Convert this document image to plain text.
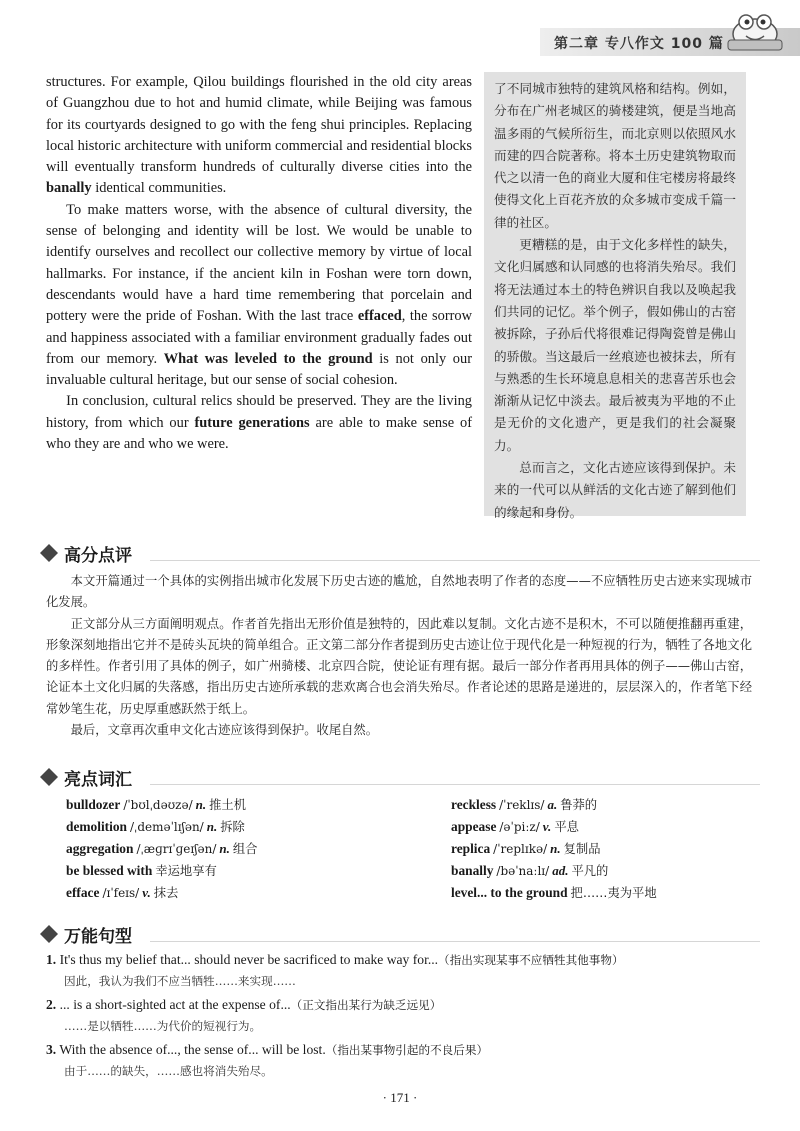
第二章 专八作文 100 篇

structures. For example, Qilou buildings flourished in the old city areas of Guangzhou due to hot and humid climate, while Beijing was famous for its courtyards designed to go with the feng shui principles. Replacing local historic architecture with uniform commercial and residential blocks will eventually transform hundreds of culturally diverse cities into the banally identical communities.

To make matters worse, with the absence of cultural diversity, the sense of belonging and identity will be lost. We would be unable to identify ourselves and recollect our collective memory by virtue of local hallmarks. For instance, if the ancient kiln in Foshan were torn down, descendants would have a hard time remembering that porcelain and pottery were the pride of Foshan. With the last trace effaced, the sorrow and happiness associated with a familiar environment gradually fades out from our memory. What was leveled to the ground is not only our invaluable cultural heritage, but our sense of social cohesion.

In conclusion, cultural relics should be preserved. They are the living history, from which our future generations are able to make sense of who they are and who we were.

了不同城市独特的建筑风格和结构。例如，分布在广州老城区的骑楼建筑，便是当地高温多雨的气候所衍生，而北京则以依照风水而建的四合院著称。将本土历史建筑物取而代之以清一色的商业大厦和住宅楼房将最终使得文化上百花齐放的众多城市变成千篇一律的社区。

更糟糕的是，由于文化多样性的缺失，文化归属感和认同感的也将消失殆尽。我们将无法通过本土的特色辨识自我以及唤起我们共同的记忆。举个例子，假如佛山的古窑被拆除，子孙后代将很难记得陶瓷曾是佛山的骄傲。当这最后一丝痕迹也被抹去，所有与熟悉的生长环境息息相关的悲喜苦乐也会渐渐从记忆中淡去。最后被夷为平地的不止是无价的文化遗产，更是我们的社会凝聚力。

总而言之，文化古迹应该得到保护。未来的一代可以从鲜活的文化古迹了解到他们的缘起和身份。

高分点评

本文开篇通过一个具体的实例指出城市化发展下历史古迹的尴尬，自然地表明了作者的态度——不应牺牲历史古迹来实现城市化发展。

正文部分从三方面阐明观点。作者首先指出无形价值是独特的，因此难以复制。文化古迹不是积木，不可以随便推翻再重建，形象深刻地指出它并不是砖头瓦块的简单组合。正文第二部分作者提到历史古迹让位于现代化是一种短视的行为，牺牲了各地文化的多样性。作者引用了具体的例子，如广州骑楼、北京四合院，使论证有理有据。最后一部分作者再用具体的例子——佛山古窑，论证本土文化归属的失落感，指出历史古迹所承载的悲欢离合也会消失殆尽。作者论述的思路是递进的，层层深入的，作者笔下经常妙笔生花，历史厚重感跃然于纸上。

最后，文章再次重申文化古迹应该得到保护。收尾自然。

亮点词汇
bulldozer /ˈbʊlˌdəʊzə/ n. 推土机	reckless /ˈreklɪs/ a. 鲁莽的
demolition /ˌdeməˈlɪʃən/ n. 拆除	appease /əˈpiːz/ v. 平息
aggregation /ˌæɡrɪˈɡeɪʃən/ n. 组合	replica /ˈreplɪkə/ n. 复制品
be blessed with 幸运地享有	banally /bəˈnaːlɪ/ ad. 平凡的
efface /ɪˈfeɪs/ v. 抹去	level... to the ground 把……夷为平地
万能句型
1. It's thus my belief that... should never be sacrificed to make way for...（指出实现某事不应牺牲其他事物）
因此，我认为我们不应当牺牲……来实现……
2. ... is a short-sighted act at the expense of...（正文指出某行为缺乏远见）
……是以牺牲……为代价的短视行为。
3. With the absence of..., the sense of... will be lost.（指出某事物引起的不良后果）
由于……的缺失，……感也将消失殆尽。
· 171 ·
